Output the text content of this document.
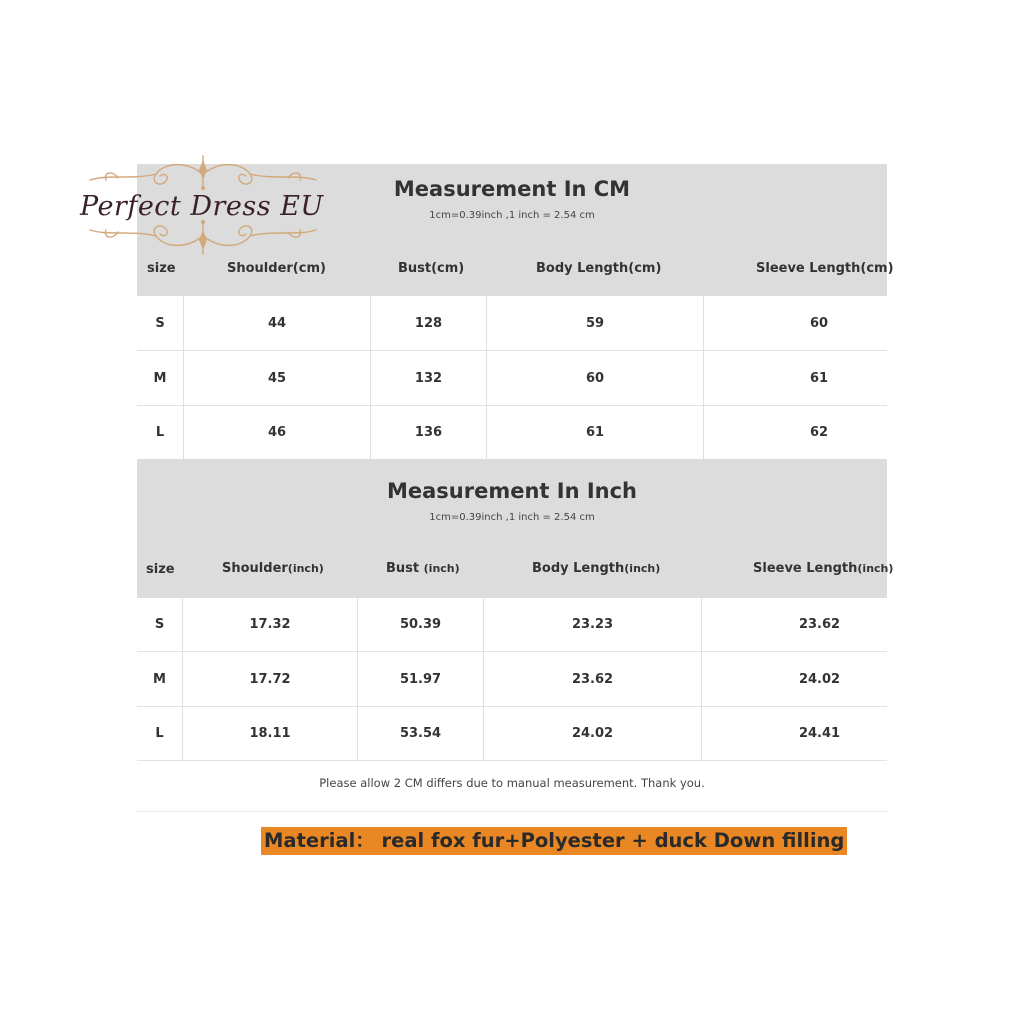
Measurement In CM
1cm=0.39inch ,1 inch = 2.54 cm
size	Shoulder(cm)	Bust(cm)	Body Length(cm)	Sleeve Length(cm)
S	44	128	59	60
M	45	132	60	61
L	46	136	61	62
Measurement In Inch
1cm=0.39inch ,1 inch = 2.54 cm
size	Shoulder(inch)	Bust (inch)	Body Length(inch)	Sleeve Length(inch)
S	17.32	50.39	23.23	23.62
M	17.72	51.97	23.62	24.02
L	18.11	53.54	24.02	24.41
Please allow 2 CM differs due to manual measurement. Thank you.
Material： real fox fur+Polyester + duck Down filling
Perfect Dress EU
